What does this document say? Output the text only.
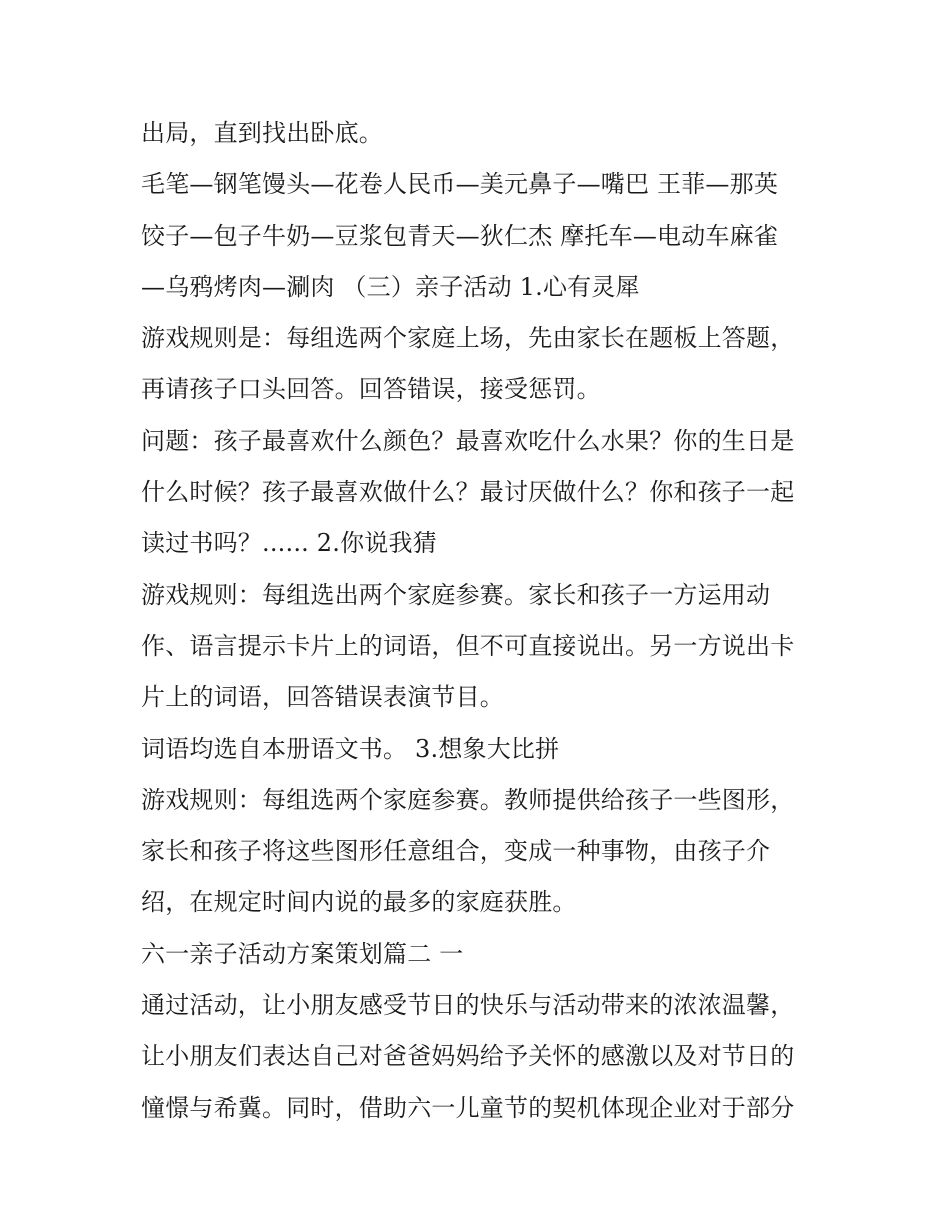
出局，直到找出卧底。
毛笔—钢笔馒头—花卷人民币—美元鼻子—嘴巴 王菲—那英
饺子—包子牛奶—豆浆包青天—狄仁杰 摩托车—电动车麻雀
—乌鸦烤肉—涮肉 （三）亲子活动 1.心有灵犀
游戏规则是：每组选两个家庭上场，先由家长在题板上答题，
再请孩子口头回答。回答错误，接受惩罚。
问题：孩子最喜欢什么颜色？最喜欢吃什么水果？你的生日是
什么时候？孩子最喜欢做什么？最讨厌做什么？你和孩子一起
读过书吗？...... 2.你说我猜
游戏规则：每组选出两个家庭参赛。家长和孩子一方运用动
作、语言提示卡片上的词语，但不可直接说出。另一方说出卡
片上的词语，回答错误表演节目。
词语均选自本册语文书。 3.想象大比拼
游戏规则：每组选两个家庭参赛。教师提供给孩子一些图形，
家长和孩子将这些图形任意组合，变成一种事物，由孩子介
绍，在规定时间内说的最多的家庭获胜。
六一亲子活动方案策划篇二 一
通过活动，让小朋友感受节日的快乐与活动带来的浓浓温馨，
让小朋友们表达自己对爸爸妈妈给予关怀的感激以及对节日的
憧憬与希冀。同时，借助六一儿童节的契机体现企业对于部分
